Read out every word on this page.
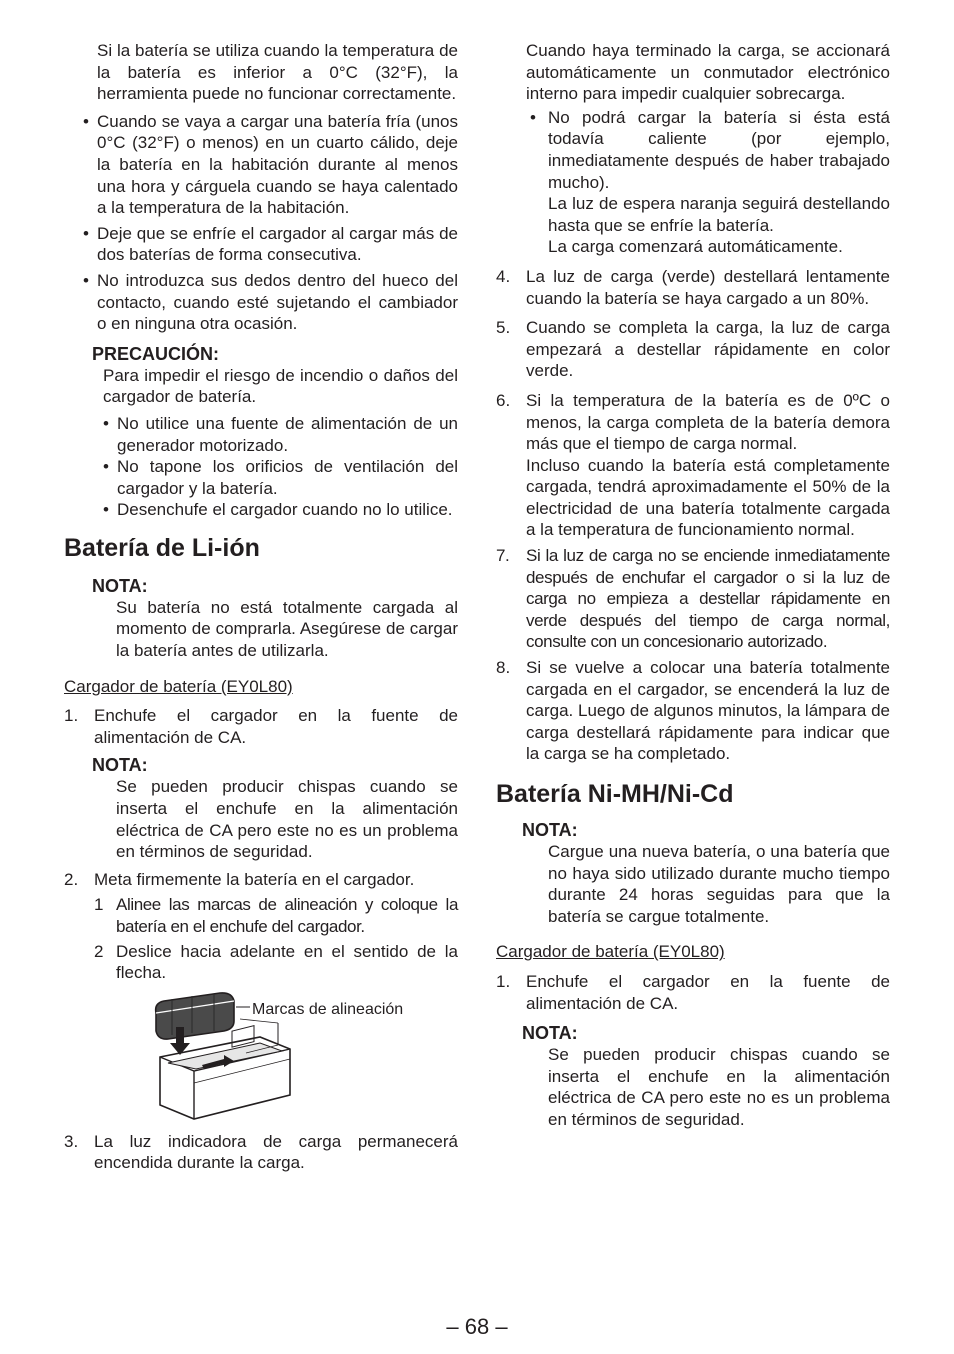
Si la batería se utiliza cuando la temperatura de la batería es inferior a 0°C (32°F), la herramienta puede no funcionar correctamente.

• Cuando se vaya a cargar una batería fría (unos 0°C (32°F) o menos) en un cuarto cálido, deje la batería en la habitación durante al menos una hora y cárguela cuando se haya calentado a la temperatura de la habitación.
• Deje que se enfríe el cargador al cargar más de dos baterías de forma consecutiva.
• No introduzca sus dedos dentro del hueco del contacto, cuando esté sujetando el cambiador o en ninguna otra ocasión.
PRECAUCIÓN:

Para impedir el riesgo de incendio o daños del cargador de batería.

• No utilice una fuente de alimentación de un generador motorizado.
• No tapone los orificios de ventilación del cargador y la batería.
• Desenchufe el cargador cuando no lo utilice.
Batería de Li-ión
NOTA:

Su batería no está totalmente cargada al momento de comprarla. Asegúrese de cargar la batería antes de utilizarla.

Cargador de batería (EY0L80)
1. Enchufe el cargador en la fuente de alimentación de CA.
NOTA:

Se pueden producir chispas cuando se inserta el enchufe en la alimentación eléctrica de CA pero este no es un problema en términos de seguridad.

2. Meta firmemente la batería en el cargador.
1 Alinee las marcas de alineación y coloque la batería en el enchufe del cargador.
2 Deslice hacia adelante en el sentido de la flecha.
Marcas de alineación
3. La luz indicadora de carga permanecerá encendida durante la carga.

Cuando haya terminado la carga, se accionará automáticamente un conmutador electrónico interno para impedir cualquier sobrecarga.

• No podrá cargar la batería si ésta está todavía caliente (por ejemplo, inmediatamente después de haber trabajado mucho).

La luz de espera naranja seguirá destellando hasta que se enfríe la batería.

La carga comenzará automáticamente.

4. La luz de carga (verde) destellará lentamente cuando la batería se haya cargado a un 80%.
5. Cuando se completa la carga, la luz de carga empezará a destellar rápidamente en color verde.
6. Si la temperatura de la batería es de 0ºC o menos, la carga completa de la batería demora más que el tiempo de carga normal.

Incluso cuando la batería está completamente cargada, tendrá aproximadamente el 50% de la electricidad de una batería totalmente cargada a la temperatura de funcionamiento normal.

7. Si la luz de carga no se enciende inmediatamente después de enchufar el cargador o si la luz de carga no empieza a destellar rápidamente en verde después del tiempo de carga normal, consulte con un concesionario autorizado.
8. Si se vuelve a colocar una batería totalmente cargada en el cargador, se encenderá la luz de carga. Luego de algunos minutos, la lámpara de carga destellará rápidamente para indicar que la carga se ha completado.
Batería Ni-MH/Ni-Cd
NOTA:

Cargue una nueva batería, o una batería que no haya sido utilizado durante mucho tiempo durante 24 horas seguidas para que la batería se cargue totalmente.

Cargador de batería (EY0L80)
1. Enchufe el cargador en la fuente de alimentación de CA.
NOTA:

Se pueden producir chispas cuando se inserta el enchufe en la alimentación eléctrica de CA pero este no es un problema en términos de seguridad.

– 68 –
